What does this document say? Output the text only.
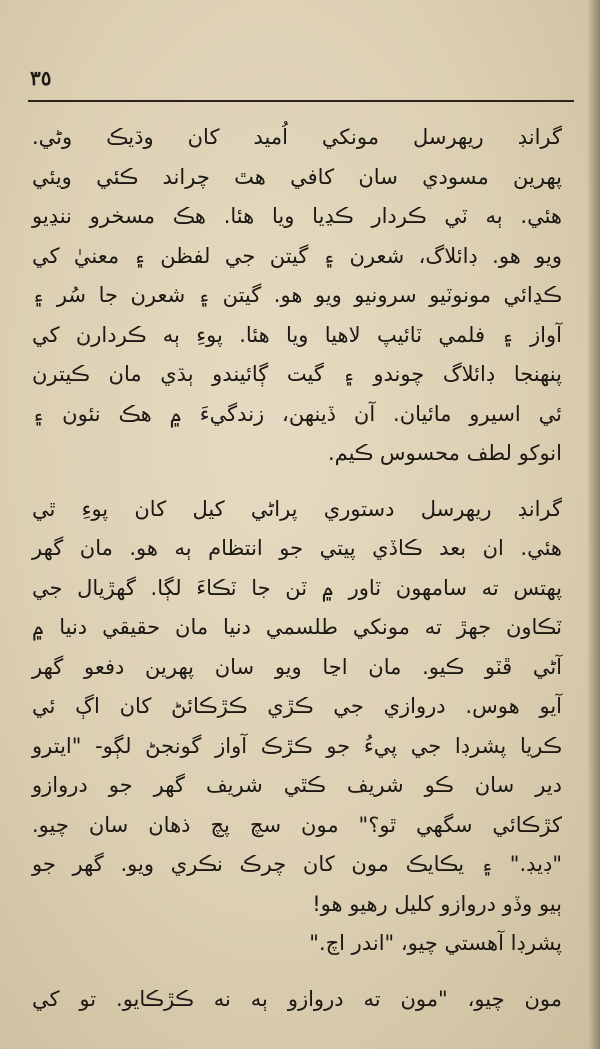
٣٥

گرانڊ ريهرسل مونکي اُميد کان وڌيڪ وڻي.
پهرين مسودي سان کافي هٿ چراند ڪئي ويئي
هئي. ٻه ٽي ڪردار ڪڍيا ويا هئا. هڪ مسخرو ننڍيو
ويو هو. ڊائلاگ، شعرن ۽ گيتن جي لفظن ۽ معنيٰ کي
ڪڍائي مونوٽيو سرونيو ويو هو. گيتن ۽ شعرن جا سُر ۽
آواز ۽ فلمي ٽائيپ لاهيا ويا هئا. پوءِ ٻه ڪردارن کي
پنهنجا ڊائلاگ چوندو ۽ گيت ڳائيندو ٻڌي مان ڪيترن
ئي اسيرو مائيان. آن ڏينهن، زندگيءَ ۾ هڪ نئون ۽
انوکو لطف محسوس ڪيم.

گرانڊ ريهرسل دستوري پراڻي کيل کان پوءِ ٿي
هئي. ان بعد ڪاڏي پيتي جو انتظام ٻه هو. مان گهر
پهتس ته سامهون ٽاور ۾ ٽن جا ٽڪاءَ لڳا. گهڙيال جي
ٽڪاون جهڙ ته مونکي طلسمي دنيا مان حقيقي دنيا ۾
آڻي ڦٽو ڪيو. مان اڃا ويو سان پهرين دفعو گهر
آيو هوس. دروازي جي ڪڙي ڪڙڪائڻ کان اڳ ئي
ڪريا پشرڊا جي پيءُ جو ڪڙڪ آواز گونجڻ لڳو- "ايترو
دير سان ڪو شريف ڪٿي شريف گهر جو دروازو
کڙڪائي سگهي ٿو؟" مون سچ پچ ذهان سان چيو.
"ڊيڊ." ۽ يڪايڪ مون کان چرڪ نڪري ويو. گهر جو
ٻيو وڏو دروازو کليل رهيو هو!
پشرڊا آهستي چيو، "اندر اچ."

مون چيو، "مون ته دروازو ٻه نه ڪڙڪايو. تو کي
